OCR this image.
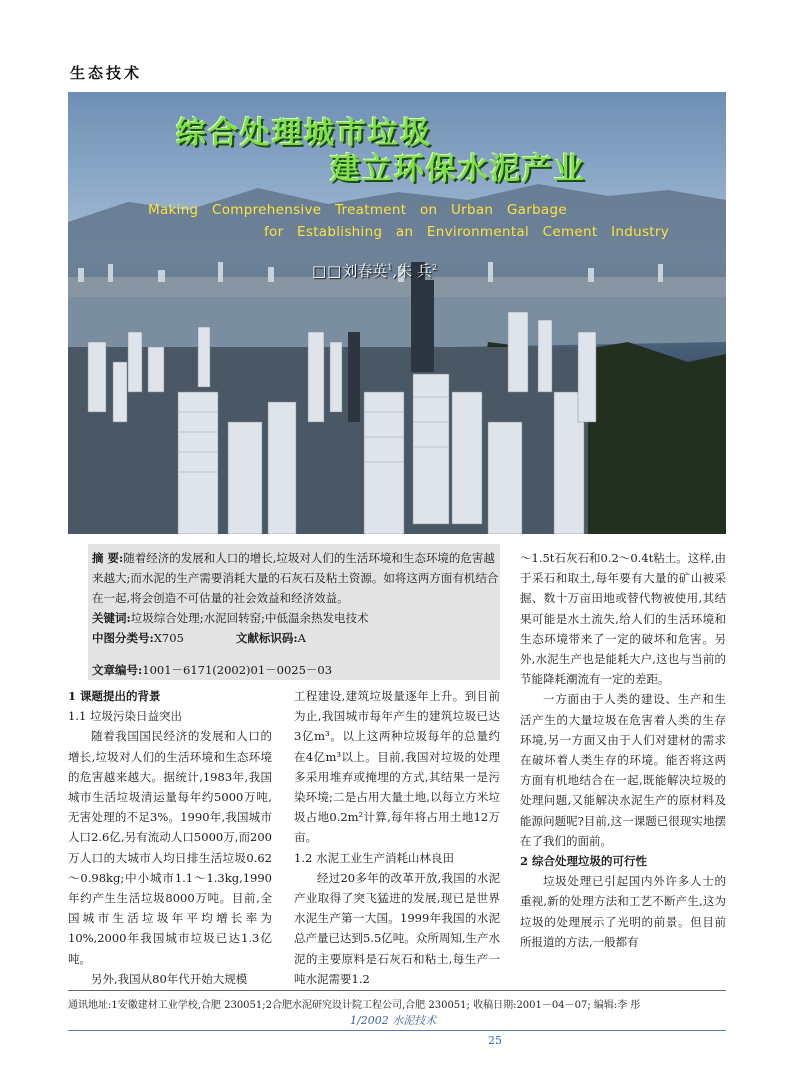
生态技术
综合处理城市垃圾
建立环保水泥产业
Making Comprehensive Treatment on Urban Garbage
for Establishing an Environmental Cement Industry
□□刘春英$^1$,朱 兵$^2$

摘 要:随着经济的发展和人口的增长,垃圾对人们的生活环境和生态环境的危害越来越大;而水泥的生产需要消耗大量的石灰石及粘土资源。如将这两方面有机结合在一起,将会创造不可估量的社会效益和经济效益。

关键词:垃圾综合处理;水泥回转窑;中低温余热发电技术

中图分类号:X705	文献标识码:A

文章编号:1001－6171(2002)01－0025－03

1 课题提出的背景

1.1 垃圾污染日益突出

随着我国国民经济的发展和人口的增长,垃圾对人们的生活环境和生态环境的危害越来越大。据统计,1983年,我国城市生活垃圾清运量每年约5000万吨,无害处理的不足3%。1990年,我国城市人口2.6亿,另有流动人口5000万,而200万人口的大城市人均日排生活垃圾0.62～0.98kg;中小城市1.1～1.3kg,1990年约产生生活垃圾8000万吨。目前,全国城市生活垃圾年平均增长率为10%,2000年我国城市垃圾已达1.3亿吨。

另外,我国从80年代开始大规模

工程建设,建筑垃圾量逐年上升。到目前为止,我国城市每年产生的建筑垃圾已达3亿m³。以上这两种垃圾每年的总量约在4亿m³以上。目前,我国对垃圾的处理多采用堆弃或掩埋的方式,其结果一是污染环境;二是占用大量土地,以每立方米垃圾占地0.2m²计算,每年将占用土地12万亩。

1.2 水泥工业生产消耗山林良田

经过20多年的改革开放,我国的水泥产业取得了突飞猛进的发展,现已是世界水泥生产第一大国。1999年我国的水泥总产量已达到5.5亿吨。众所周知,生产水泥的主要原料是石灰石和粘土,每生产一吨水泥需要1.2

～1.5t石灰石和0.2～0.4t粘土。这样,由于采石和取土,每年要有大量的矿山被采掘、数十万亩田地或替代物被使用,其结果可能是水土流失,给人们的生活环境和生态环境带来了一定的破坏和危害。另外,水泥生产也是能耗大户,这也与当前的节能降耗潮流有一定的差距。

一方面由于人类的建设、生产和生活产生的大量垃圾在危害着人类的生存环境,另一方面又由于人们对建材的需求在破坏着人类生存的环境。能否将这两方面有机地结合在一起,既能解决垃圾的处理问题,又能解决水泥生产的原材料及能源问题呢?目前,这一课题已很现实地摆在了我们的面前。

2 综合处理垃圾的可行性

垃圾处理已引起国内外许多人士的重视,新的处理方法和工艺不断产生,这为垃圾的处理展示了光明的前景。但目前所报道的方法,一般都有

通讯地址:1安徽建材工业学校,合肥 230051;2合肥水泥研究设计院工程公司,合肥 230051; 收稿日期:2001－04－07; 编辑:李 彤
1/2002 水泥技术
25
